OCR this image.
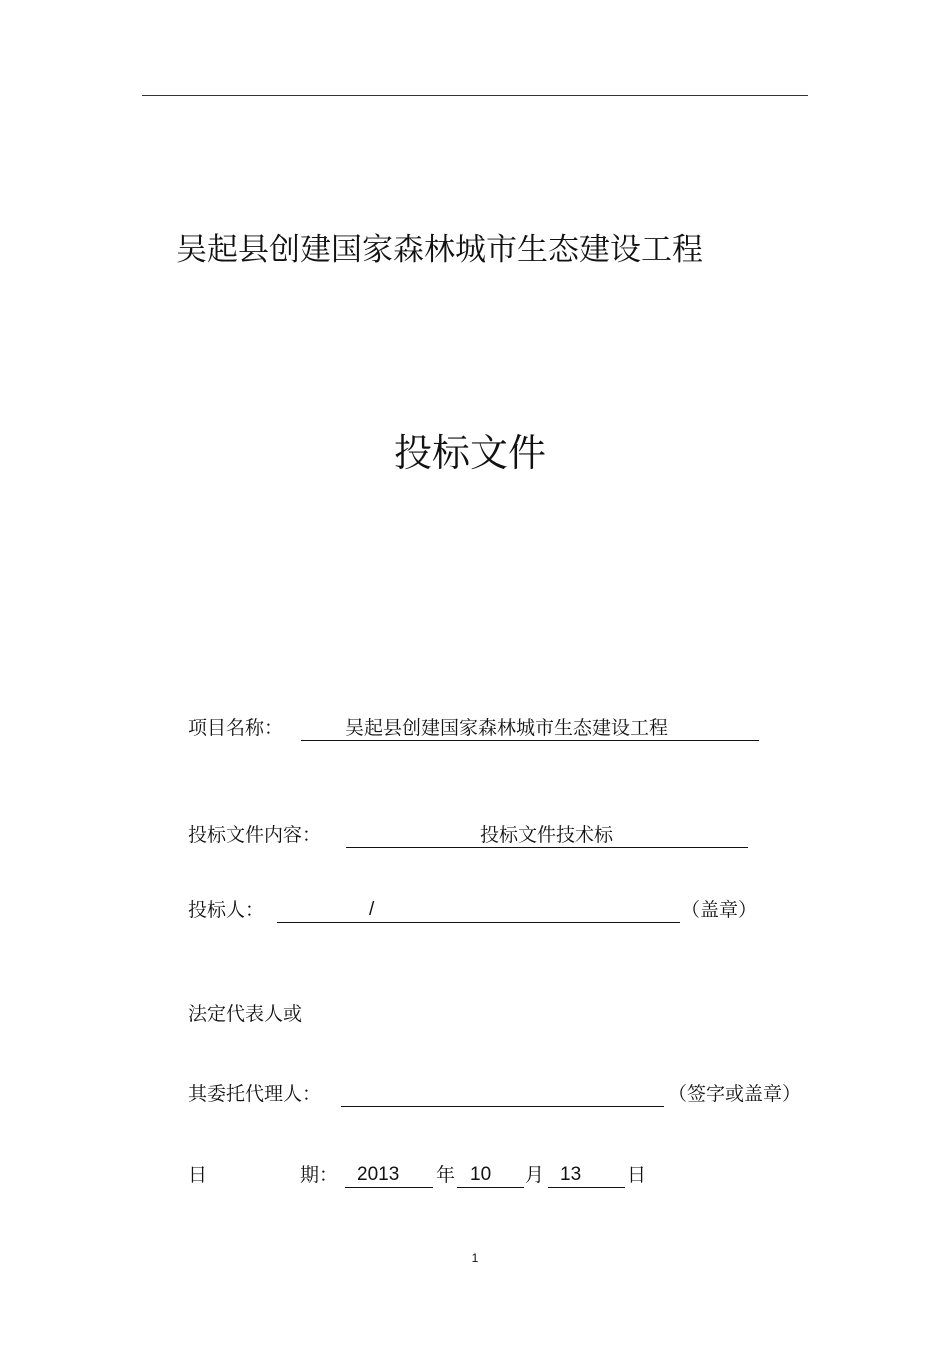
吴起县创建国家森林城市生态建设工程
投标文件
项目名称：	吴起县创建国家森林城市生态建设工程
投标文件内容：	投标文件技术标
投标人：	/	（盖章）
法定代表人或
其委托代理人：	（签字或盖章）
日	期： 2013 年 10 月 13 日
1
